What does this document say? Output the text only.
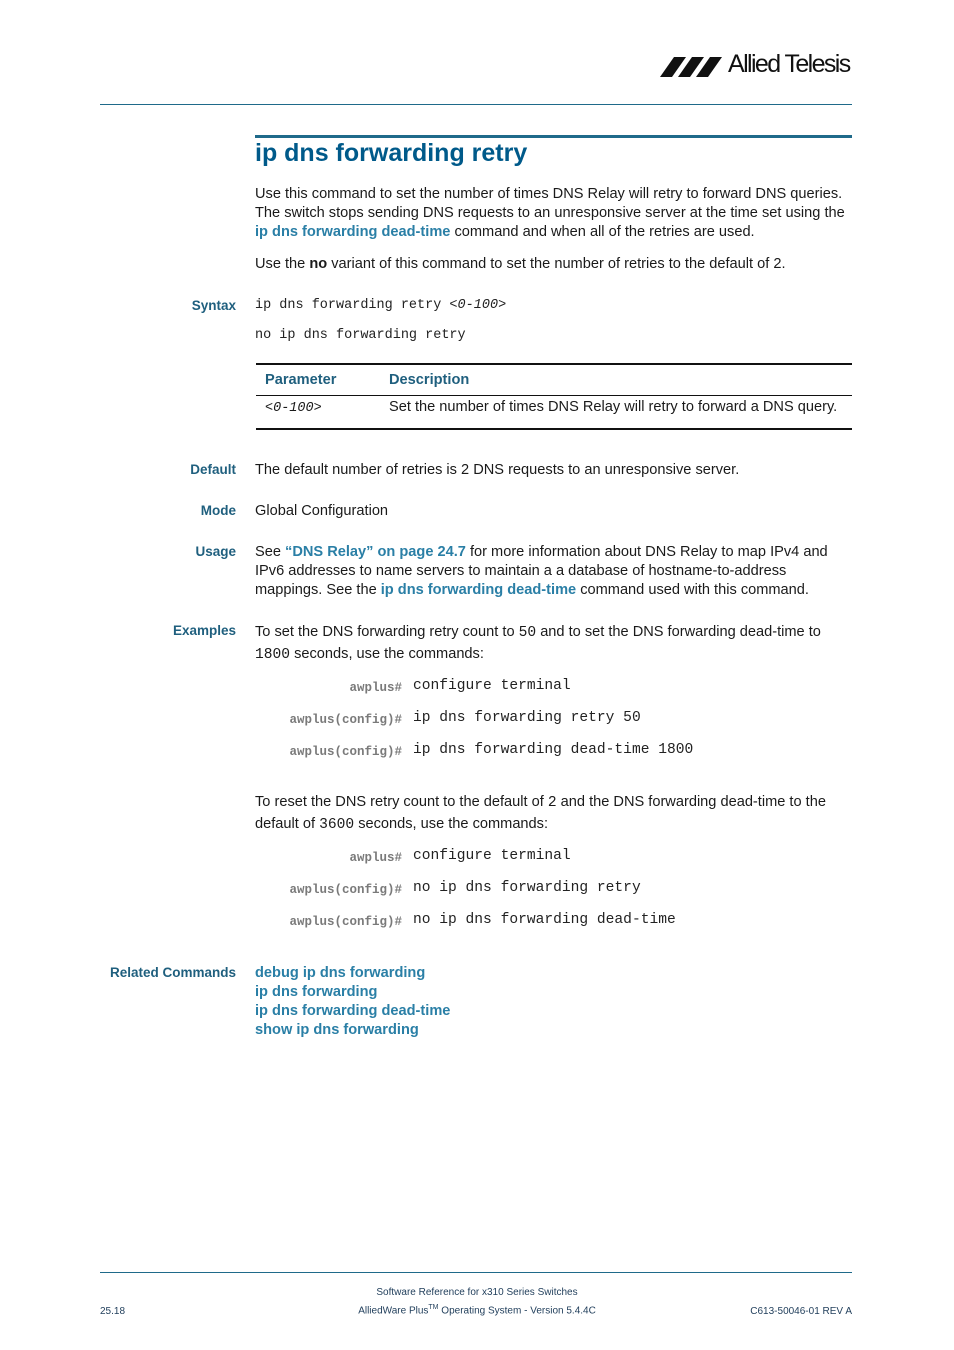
Allied Telesis
ip dns forwarding retry
Use this command to set the number of times DNS Relay will retry to forward DNS queries.
The switch stops sending DNS requests to an unresponsive server at the time set using the
ip dns forwarding dead-time command and when all of the retries are used.
Use the no variant of this command to set the number of retries to the default of 2.
Syntax ip dns forwarding retry <0-100>
no ip dns forwarding retry
Parameter	Description
<0-100>	Set the number of times DNS Relay will retry to forward a DNS query.
Default The default number of retries is 2 DNS requests to an unresponsive server.
Mode Global Configuration
Usage See “DNS Relay” on page 24.7 for more information about DNS Relay to map IPv4 and
IPv6 addresses to name servers to maintain a a database of hostname-to-address
mappings. See the ip dns forwarding dead-time command used with this command.
Examples To set the DNS forwarding retry count to 50 and to set the DNS forwarding dead-time to
1800 seconds, use the commands:
awplus# configure terminal
awplus(config)# ip dns forwarding retry 50
awplus(config)# ip dns forwarding dead-time 1800
To reset the DNS retry count to the default of 2 and the DNS forwarding dead-time to the
default of 3600 seconds, use the commands:
awplus# configure terminal
awplus(config)# no ip dns forwarding retry
awplus(config)# no ip dns forwarding dead-time
Related Commands debug ip dns forwarding
ip dns forwarding
ip dns forwarding dead-time
show ip dns forwarding
25.18
Software Reference for x310 Series Switches
AlliedWare Plus™ Operating System - Version 5.4.4C	C613-50046-01 REV A
